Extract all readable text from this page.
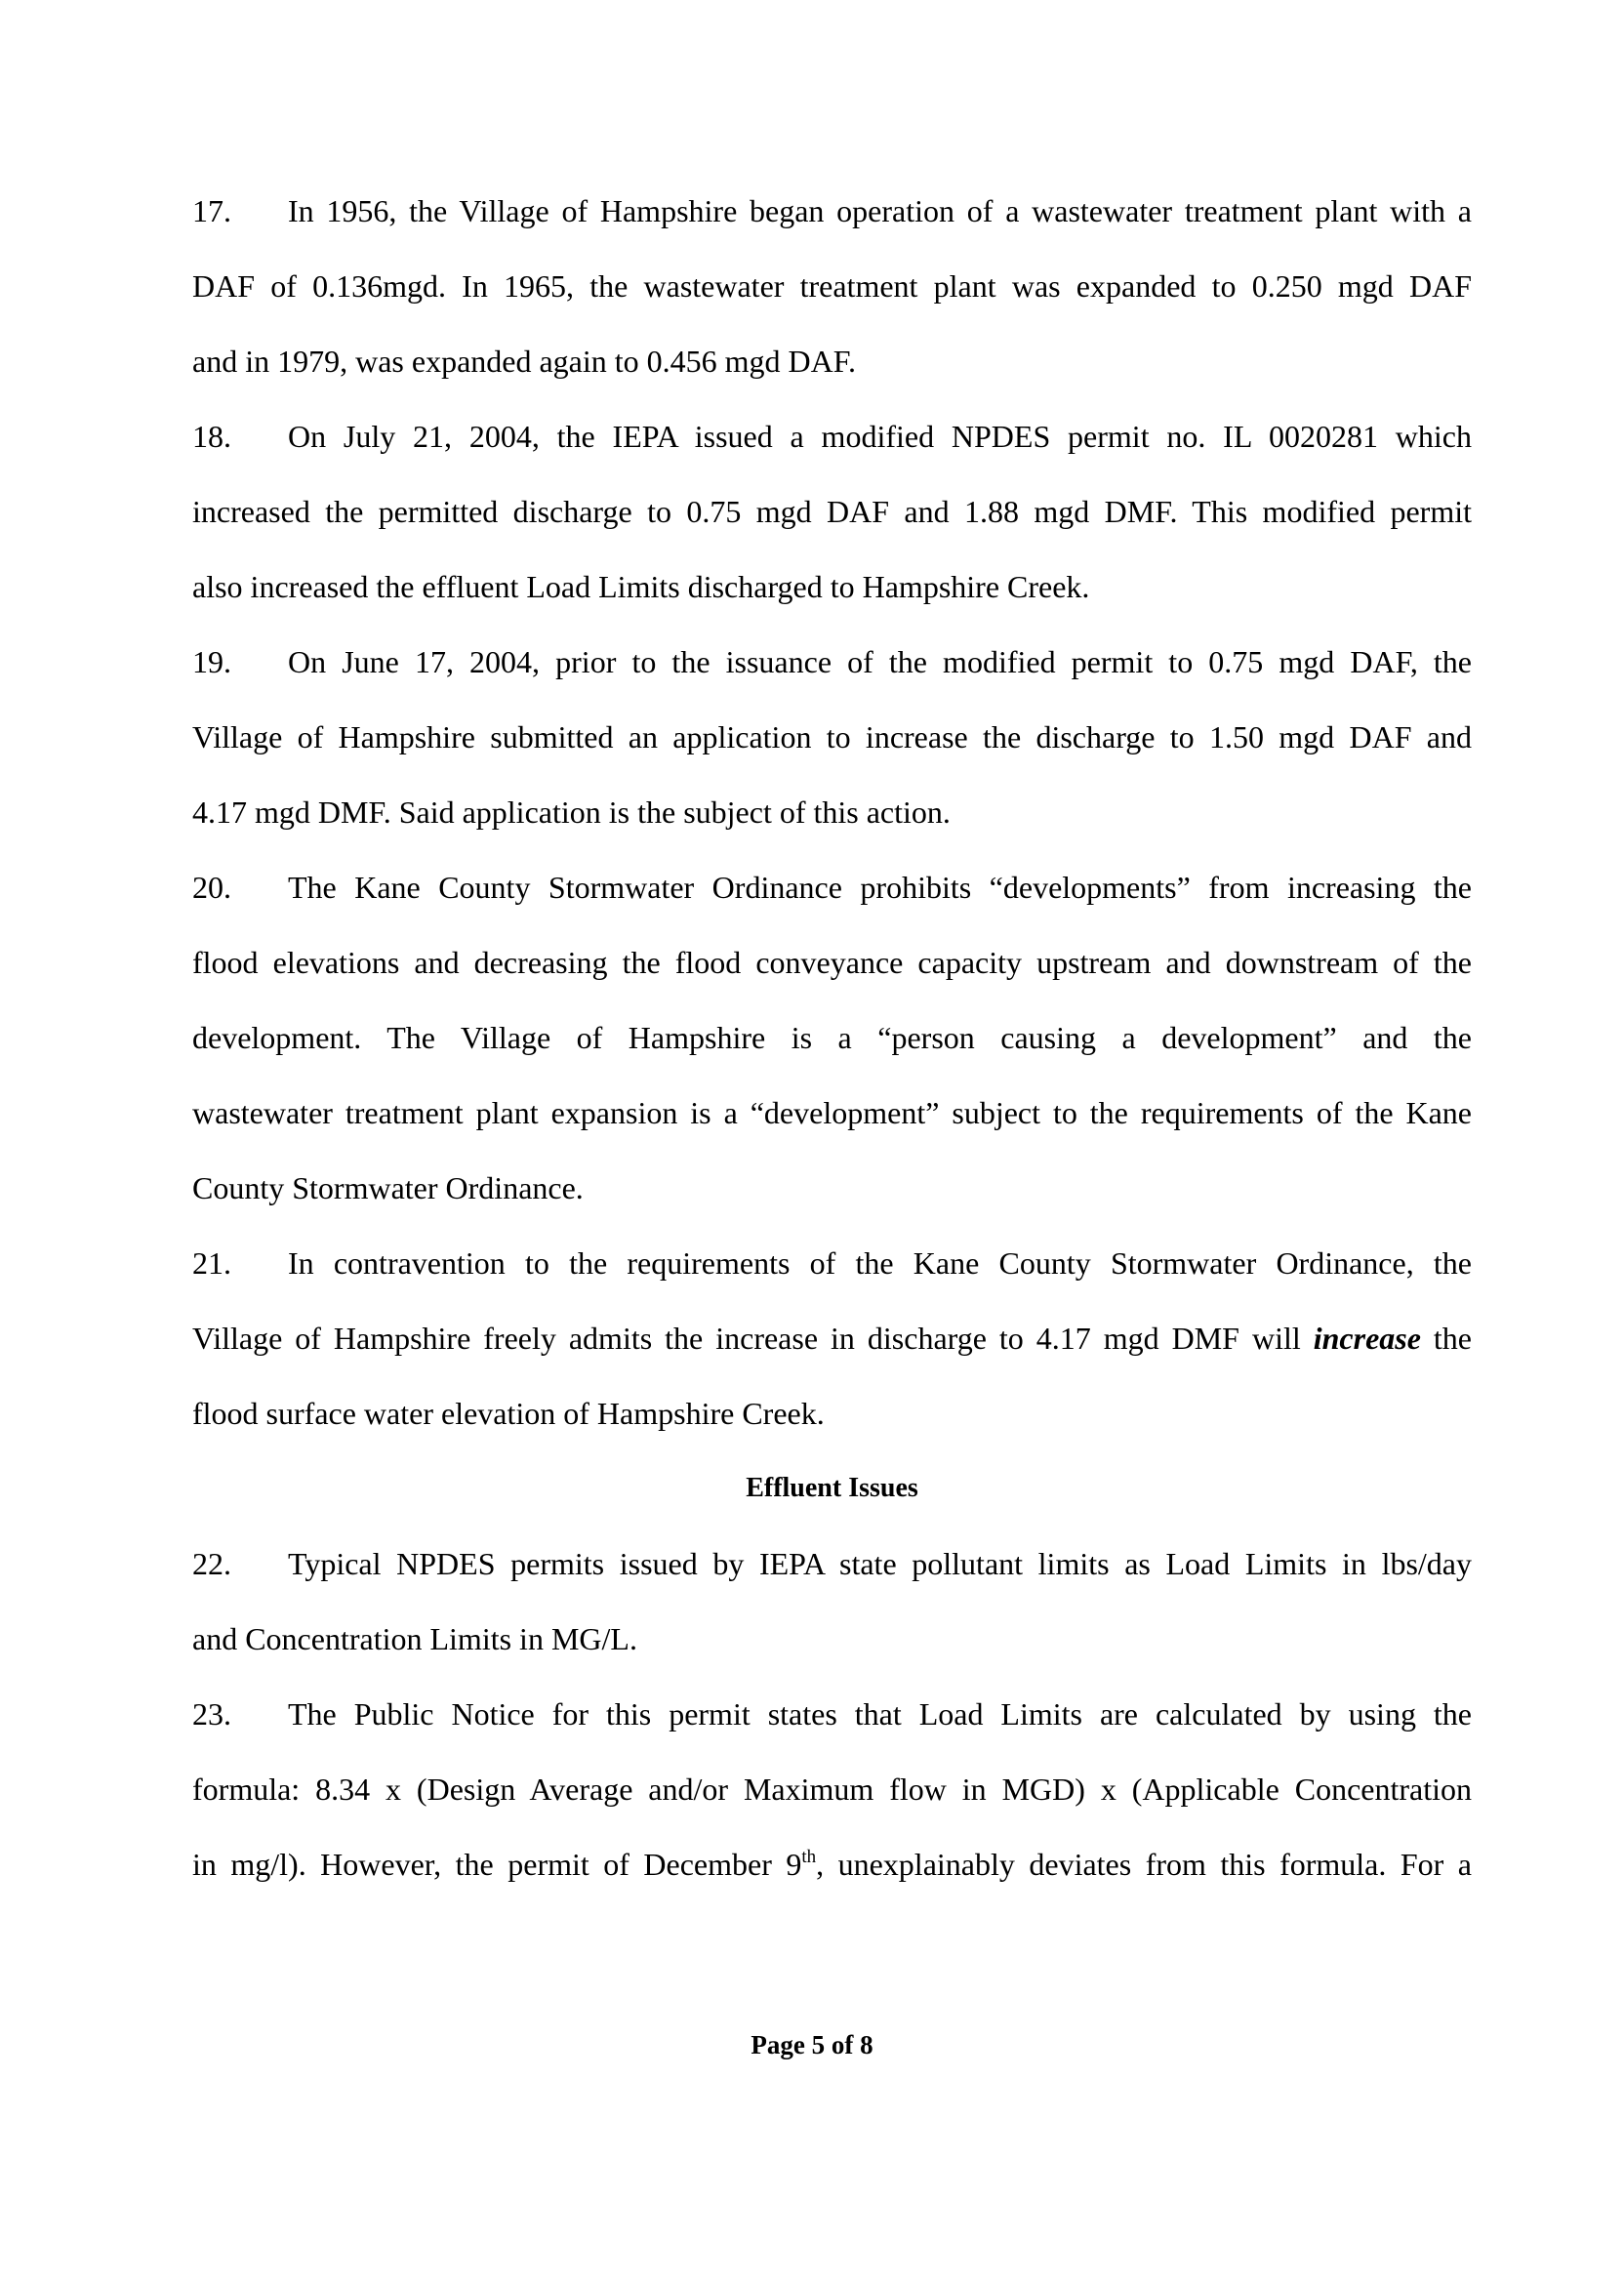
17.	In 1956, the Village of Hampshire began operation of a wastewater treatment plant with a
DAF of 0.136mgd. In 1965, the wastewater treatment plant was expanded to 0.250 mgd DAF
and in 1979, was expanded again to 0.456 mgd DAF.
18.	On July 21, 2004, the IEPA issued a modified NPDES permit no. IL 0020281 which
increased the permitted discharge to 0.75 mgd DAF and 1.88 mgd DMF. This modified permit
also increased the effluent Load Limits discharged to Hampshire Creek.
19.	On June 17, 2004, prior to the issuance of the modified permit to 0.75 mgd DAF, the
Village of Hampshire submitted an application to increase the discharge to 1.50 mgd DAF and
4.17 mgd DMF. Said application is the subject of this action.
20.	The Kane County Stormwater Ordinance prohibits “developments” from increasing the
flood elevations and decreasing the flood conveyance capacity upstream and downstream of the
development. The Village of Hampshire is a “person causing a development” and the
wastewater treatment plant expansion is a “development” subject to the requirements of the Kane
County Stormwater Ordinance.
21.	In contravention to the requirements of the Kane County Stormwater Ordinance, the
Village of Hampshire freely admits the increase in discharge to 4.17 mgd DMF will increase the
flood surface water elevation of Hampshire Creek.
Effluent Issues
22.	Typical NPDES permits issued by IEPA state pollutant limits as Load Limits in lbs/day
and Concentration Limits in MG/L.
23.	The Public Notice for this permit states that Load Limits are calculated by using the
formula: 8.34 x (Design Average and/or Maximum flow in MGD) x (Applicable Concentration
in mg/l). However, the permit of December 9th, unexplainably deviates from this formula. For a
Page 5 of 8
